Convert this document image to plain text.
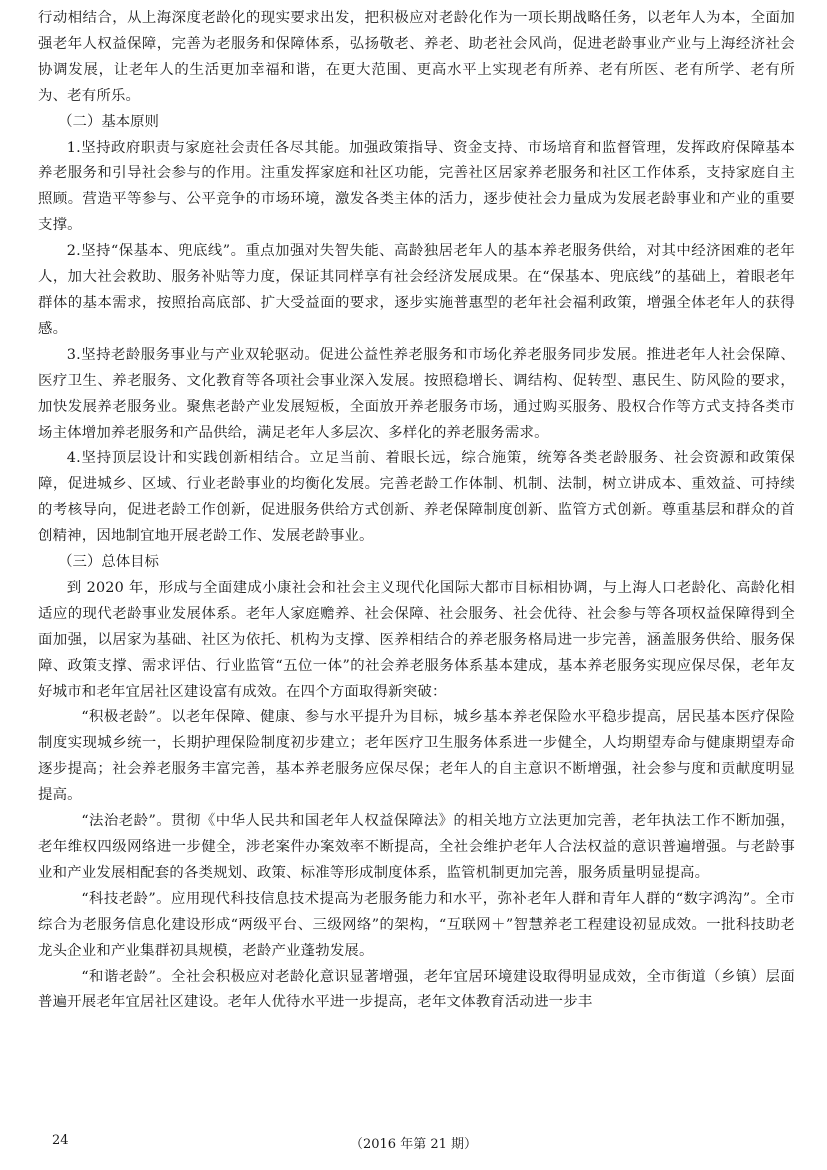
行动相结合，从上海深度老龄化的现实要求出发，把积极应对老龄化作为一项长期战略任务，以老年人为本，全面加强老年人权益保障，完善为老服务和保障体系，弘扬敬老、养老、助老社会风尚，促进老龄事业产业与上海经济社会协调发展，让老年人的生活更加幸福和谐，在更大范围、更高水平上实现老有所养、老有所医、老有所学、老有所为、老有所乐。

（二）基本原则

1.坚持政府职责与家庭社会责任各尽其能。加强政策指导、资金支持、市场培育和监督管理，发挥政府保障基本养老服务和引导社会参与的作用。注重发挥家庭和社区功能，完善社区居家养老服务和社区工作体系，支持家庭自主照顾。营造平等参与、公平竞争的市场环境，激发各类主体的活力，逐步使社会力量成为发展老龄事业和产业的重要支撑。

2.坚持“保基本、兜底线”。重点加强对失智失能、高龄独居老年人的基本养老服务供给，对其中经济困难的老年人，加大社会救助、服务补贴等力度，保证其同样享有社会经济发展成果。在“保基本、兜底线”的基础上，着眼老年群体的基本需求，按照抬高底部、扩大受益面的要求，逐步实施普惠型的老年社会福利政策，增强全体老年人的获得感。

3.坚持老龄服务事业与产业双轮驱动。促进公益性养老服务和市场化养老服务同步发展。推进老年人社会保障、医疗卫生、养老服务、文化教育等各项社会事业深入发展。按照稳增长、调结构、促转型、惠民生、防风险的要求，加快发展养老服务业。聚焦老龄产业发展短板，全面放开养老服务市场，通过购买服务、股权合作等方式支持各类市场主体增加养老服务和产品供给，满足老年人多层次、多样化的养老服务需求。

4.坚持顶层设计和实践创新相结合。立足当前、着眼长远，综合施策，统筹各类老龄服务、社会资源和政策保障，促进城乡、区域、行业老龄事业的均衡化发展。完善老龄工作体制、机制、法制，树立讲成本、重效益、可持续的考核导向，促进老龄工作创新，促进服务供给方式创新、养老保障制度创新、监管方式创新。尊重基层和群众的首创精神，因地制宜地开展老龄工作、发展老龄事业。

（三）总体目标

到 2020 年，形成与全面建成小康社会和社会主义现代化国际大都市目标相协调，与上海人口老龄化、高龄化相适应的现代老龄事业发展体系。老年人家庭赡养、社会保障、社会服务、社会优待、社会参与等各项权益保障得到全面加强，以居家为基础、社区为依托、机构为支撑、医养相结合的养老服务格局进一步完善，涵盖服务供给、服务保障、政策支撑、需求评估、行业监管“五位一体”的社会养老服务体系基本建成，基本养老服务实现应保尽保，老年友好城市和老年宜居社区建设富有成效。在四个方面取得新突破：

“积极老龄”。以老年保障、健康、参与水平提升为目标，城乡基本养老保险水平稳步提高，居民基本医疗保险制度实现城乡统一，长期护理保险制度初步建立；老年医疗卫生服务体系进一步健全，人均期望寿命与健康期望寿命逐步提高；社会养老服务丰富完善，基本养老服务应保尽保；老年人的自主意识不断增强，社会参与度和贡献度明显提高。

“法治老龄”。贯彻《中华人民共和国老年人权益保障法》的相关地方立法更加完善，老年执法工作不断加强，老年维权四级网络进一步健全，涉老案件办案效率不断提高，全社会维护老年人合法权益的意识普遍增强。与老龄事业和产业发展相配套的各类规划、政策、标准等形成制度体系，监管机制更加完善，服务质量明显提高。

“科技老龄”。应用现代科技信息技术提高为老服务能力和水平，弥补老年人群和青年人群的“数字鸿沟”。全市综合为老服务信息化建设形成“两级平台、三级网络”的架构，“互联网＋”智慧养老工程建设初显成效。一批科技助老龙头企业和产业集群初具规模，老龄产业蓬勃发展。

“和谐老龄”。全社会积极应对老龄化意识显著增强，老年宜居环境建设取得明显成效，全市街道（乡镇）层面普遍开展老年宜居社区建设。老年人优待水平进一步提高，老年文体教育活动进一步丰

（2016 年第 21 期）
24
